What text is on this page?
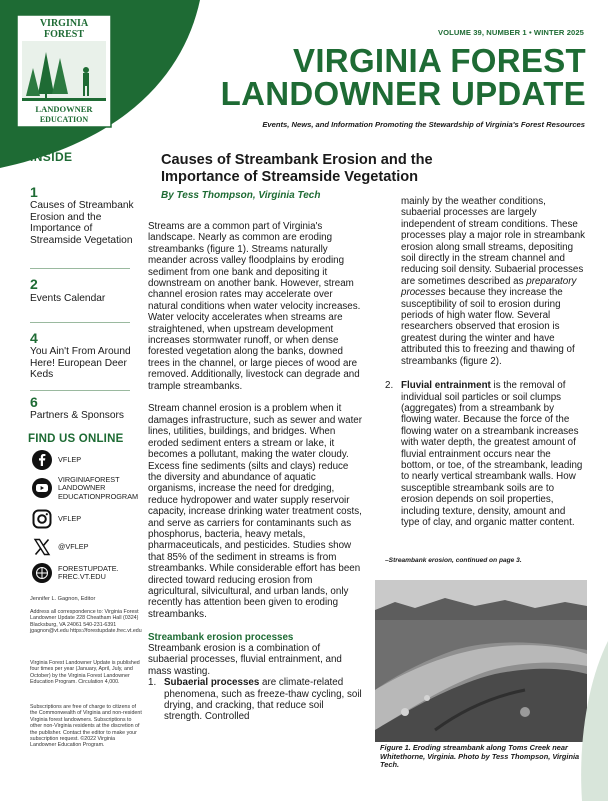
VIRGINIA
FOREST
LANDOWNER
EDUCATION
VOLUME 39, NUMBER 1 • WINTER 2025
VIRGINIA FOREST
LANDOWNER UPDATE
Events, News, and Information Promoting the Stewardship of Virginia's Forest Resources
INSIDE
1
Causes of Streambank Erosion and the Importance of Streamside Vegetation
2
Events Calendar
4
You Ain't From Around Here! European Deer Keds
6
Partners & Sponsors
FIND US ONLINE
VFLEP
VIRGINIAFOREST LANDOWNER EDUCATIONPROGRAM
VFLEP
@VFLEP
FORESTUPDATE. FREC.VT.EDU
Jennifer L. Gagnon, Editor
Address all correspondence to: Virginia Forest Landowner Update 228 Cheatham Hall (0324) Blacksburg, VA 24061 540-231-6391 jgagnon@vt.edu https://forestupdate.frec.vt.edu
Virginia Forest Landowner Update is published four times per year (January, April, July, and October) by the Virginia Forest Landowner Education Program. Circulation 4,000.
Subscriptions are free of charge to citizens of the Commonwealth of Virginia and non-resident Virginia forest landowners. Subscriptions to other non-Virginia residents at the discretion of the publisher. Contact the editor to make your subscription request. ©2022 Virginia Landowner Education Program.
Causes of Streambank Erosion and the Importance of Streamside Vegetation
By Tess Thompson, Virginia Tech

Streams are a common part of Virginia's landscape. Nearly as common are eroding streambanks (figure 1). Streams naturally meander across valley floodplains by eroding sediment from one bank and depositing it downstream on another bank. However, stream channel erosion rates may accelerate over natural conditions when water velocity increases. Water velocity accelerates when streams are straightened, when upstream development increases stormwater runoff, or when dense forested vegetation along the banks, downed trees in the channel, or large pieces of wood are removed. Additionally, livestock can degrade and trample streambanks.

Stream channel erosion is a problem when it damages infrastructure, such as sewer and water lines, utilities, buildings, and bridges. When eroded sediment enters a stream or lake, it becomes a pollutant, making the water cloudy. Excess fine sediments (silts and clays) reduce the diversity and abundance of aquatic organisms, increase the need for dredging, reduce hydropower and water supply reservoir capacity, increase drinking water treatment costs, and serve as carriers for contaminants such as phosphorus, bacteria, heavy metals, pharmaceuticals, and pesticides. Studies show that 85% of the sediment in streams is from streambanks. While considerable effort has been directed toward reducing erosion from agricultural, silvicultural, and urban lands, only recently has attention been given to eroding streambanks.

Streambank erosion processes

Streambank erosion is a combination of subaerial processes, fluvial entrainment, and mass wasting.

1. Subaerial processes are climate-related phenomena, such as freeze-thaw cycling, soil drying, and cracking, that reduce soil strength. Controlled

mainly by the weather conditions, subaerial processes are largely independent of stream conditions. These processes play a major role in streambank erosion along small streams, depositing soil directly in the stream channel and reducing soil density. Subaerial processes are sometimes described as preparatory processes because they increase the susceptibility of soil to erosion during periods of high water flow. Several researchers observed that erosion is greatest during the winter and have attributed this to freezing and thawing of streambanks (figure 2).

2. Fluvial entrainment is the removal of individual soil particles or soil clumps (aggregates) from a streambank by flowing water. Because the force of the flowing water on a streambank increases with water depth, the greatest amount of fluvial entrainment occurs near the bottom, or toe, of the streambank, leading to nearly vertical streambank walls. How susceptible streambank soils are to erosion depends on soil properties, including texture, density, amount and type of clay, and organic matter content.
–Streambank erosion, continued on page 3.
Figure 1. Eroding streambank along Toms Creek near Whitethorne, Virginia. Photo by Tess Thompson, Virginia Tech.
